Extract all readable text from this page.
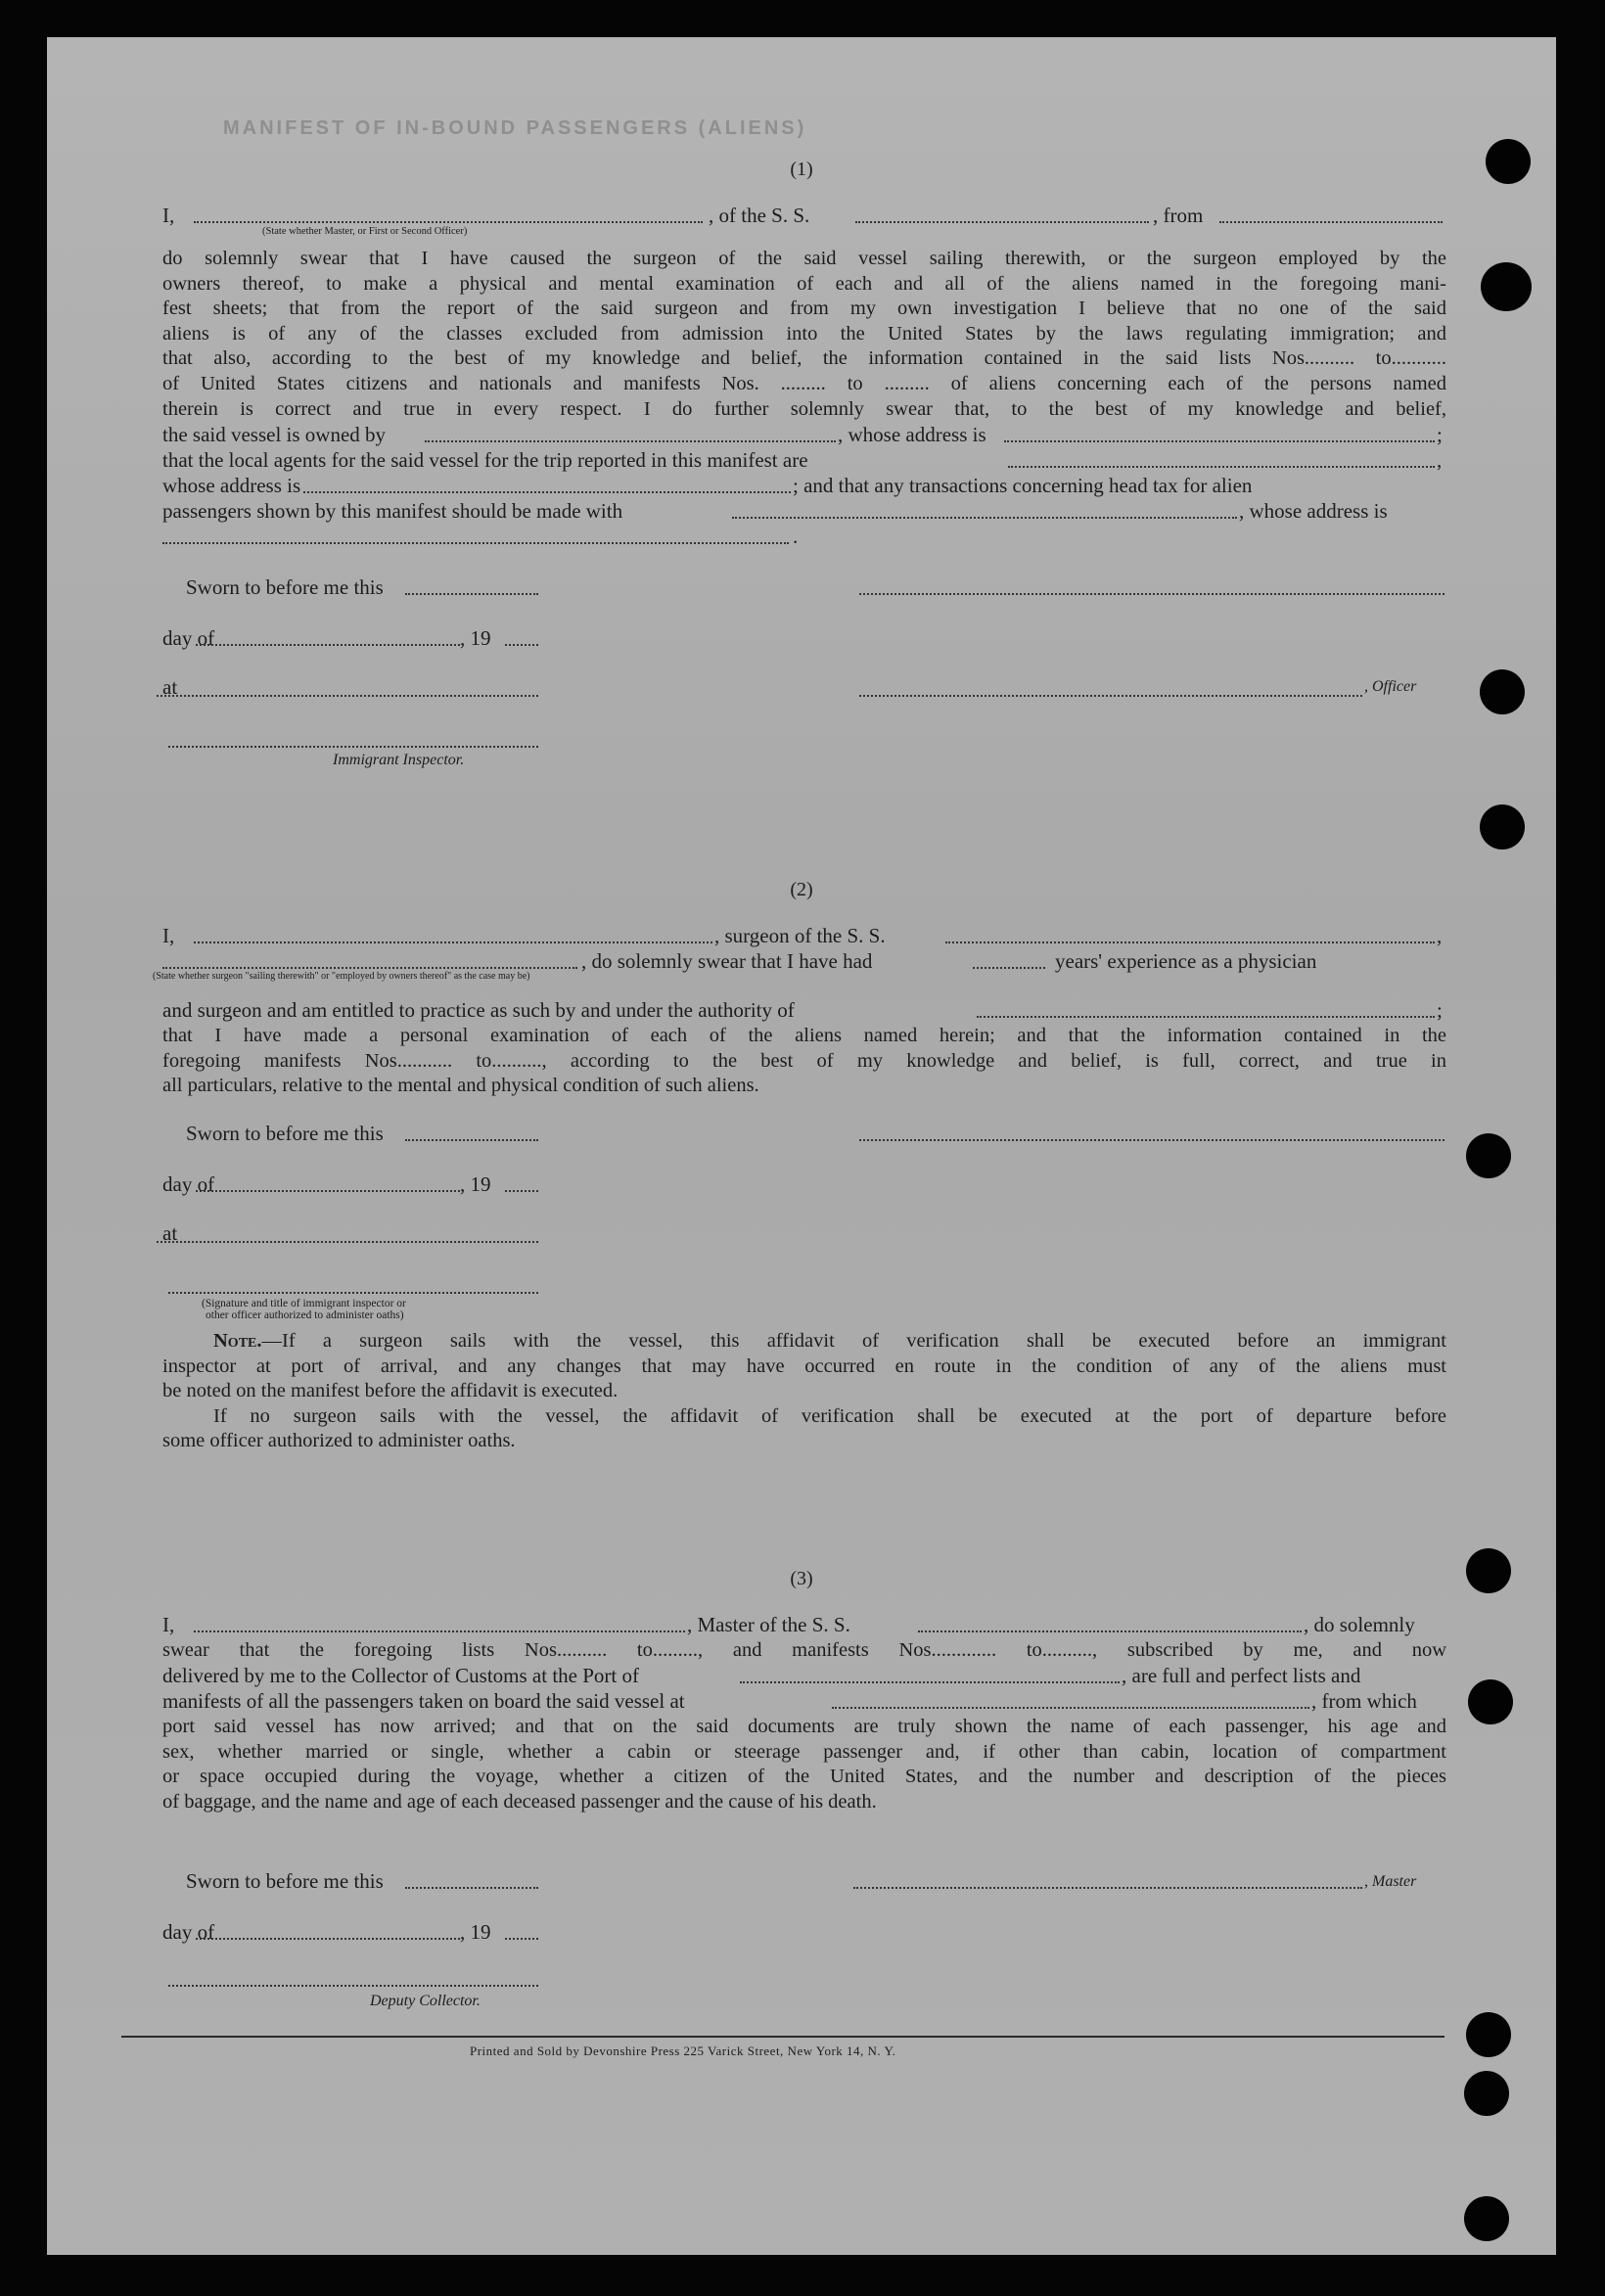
MANIFEST OF IN-BOUND PASSENGERS (ALIENS)
(1)
I,	, of the S. S.	, from
(State whether Master, or First or Second Officer)
do solemnly swear that I have caused the surgeon of the said vessel sailing therewith, or the surgeon employed by the
owners thereof, to make a physical and mental examination of each and all of the aliens named in the foregoing mani-
fest sheets; that from the report of the said surgeon and from my own investigation I believe that no one of the said
aliens is of any of the classes excluded from admission into the United States by the laws regulating immigration; and
that also, according to the best of my knowledge and belief, the information contained in the said lists Nos.......... to...........
of United States citizens and nationals and manifests Nos. ......... to ......... of aliens concerning each of the persons named
therein is correct and true in every respect. I do further solemnly swear that, to the best of my knowledge and belief,
the said vessel is owned by	, whose address is	;
that the local agents for the said vessel for the trip reported in this manifest are	,
whose address is	; and that any transactions concerning head tax for alien
passengers shown by this manifest should be made with	, whose address is
.
Sworn to before me this
day of	, 19
at	, Officer
Immigrant Inspector.
(2)
I,	, surgeon of the S. S.	,
, do solemnly swear that I have had	years' experience as a physician
(State whether surgeon "sailing therewith" or "employed by owners thereof" as the case may be)
and surgeon and am entitled to practice as such by and under the authority of	;
that I have made a personal examination of each of the aliens named herein; and that the information contained in the
foregoing manifests Nos........... to.........., according to the best of my knowledge and belief, is full, correct, and true in
all particulars, relative to the mental and physical condition of such aliens.
Sworn to before me this
day of	, 19
at
(Signature and title of immigrant inspector or
other officer authorized to administer oaths)
Note.—If a surgeon sails with the vessel, this affidavit of verification shall be executed before an immigrant
inspector at port of arrival, and any changes that may have occurred en route in the condition of any of the aliens must
be noted on the manifest before the affidavit is executed.
If no surgeon sails with the vessel, the affidavit of verification shall be executed at the port of departure before
some officer authorized to administer oaths.
(3)
I,	, Master of the S. S.	, do solemnly
swear that the foregoing lists Nos.......... to........., and manifests Nos............. to.........., subscribed by me, and now
delivered by me to the Collector of Customs at the Port of	, are full and perfect lists and
manifests of all the passengers taken on board the said vessel at	, from which
port said vessel has now arrived; and that on the said documents are truly shown the name of each passenger, his age and
sex, whether married or single, whether a cabin or steerage passenger and, if other than cabin, location of compartment
or space occupied during the voyage, whether a citizen of the United States, and the number and description of the pieces
of baggage, and the name and age of each deceased passenger and the cause of his death.
Sworn to before me this	, Master
day of	, 19
Deputy Collector.
Printed and Sold by Devonshire Press 225 Varick Street, New York 14, N. Y.
